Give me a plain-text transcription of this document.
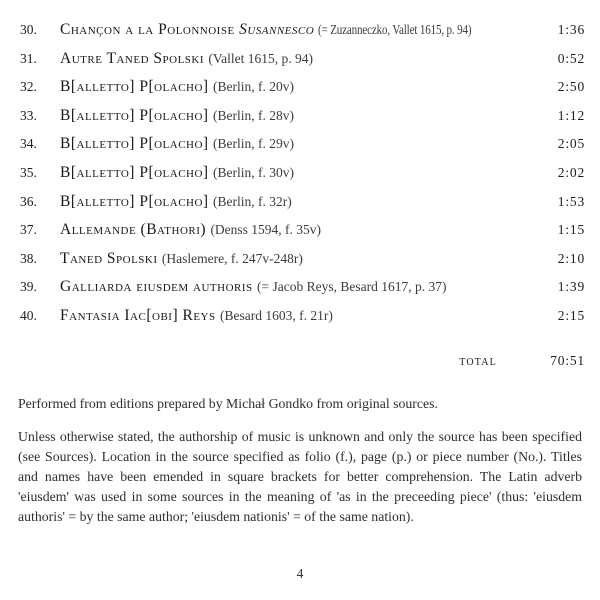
30.	Chançon a la Polonnoise Susannesco (= Zuzanneczko, Vallet 1615, p. 94)	1:36
31.	Autre Taned Spolski (Vallet 1615, p. 94)	0:52
32.	B[alletto] P[olacho] (Berlin, f. 20v)	2:50
33.	B[alletto] P[olacho] (Berlin, f. 28v)	1:12
34.	B[alletto] P[olacho] (Berlin, f. 29v)	2:05
35.	B[alletto] P[olacho] (Berlin, f. 30v)	2:02
36.	B[alletto] P[olacho] (Berlin, f. 32r)	1:53
37.	Allemande (Bathori) (Denss 1594, f. 35v)	1:15
38.	Taned Spolski (Haslemere, f. 247v-248r)	2:10
39.	Galliarda eiusdem authoris (= Jacob Reys, Besard 1617, p. 37)	1:39
40.	Fantasia Iac[obi] Reys (Besard 1603, f. 21r)	2:15
total	70:51

Performed from editions prepared by Michał Gondko from original sources.

Unless otherwise stated, the authorship of music is unknown and only the source has been specified (see Sources). Location in the source specified as folio (f.), page (p.) or piece number (No.). Titles and names have been emended in square brackets for better comprehension. The Latin adverb 'eiusdem' was used in some sources in the meaning of 'as in the preceeding piece' (thus: 'eiusdem authoris' = by the same author; 'eiusdem nationis' = of the same nation).

4
